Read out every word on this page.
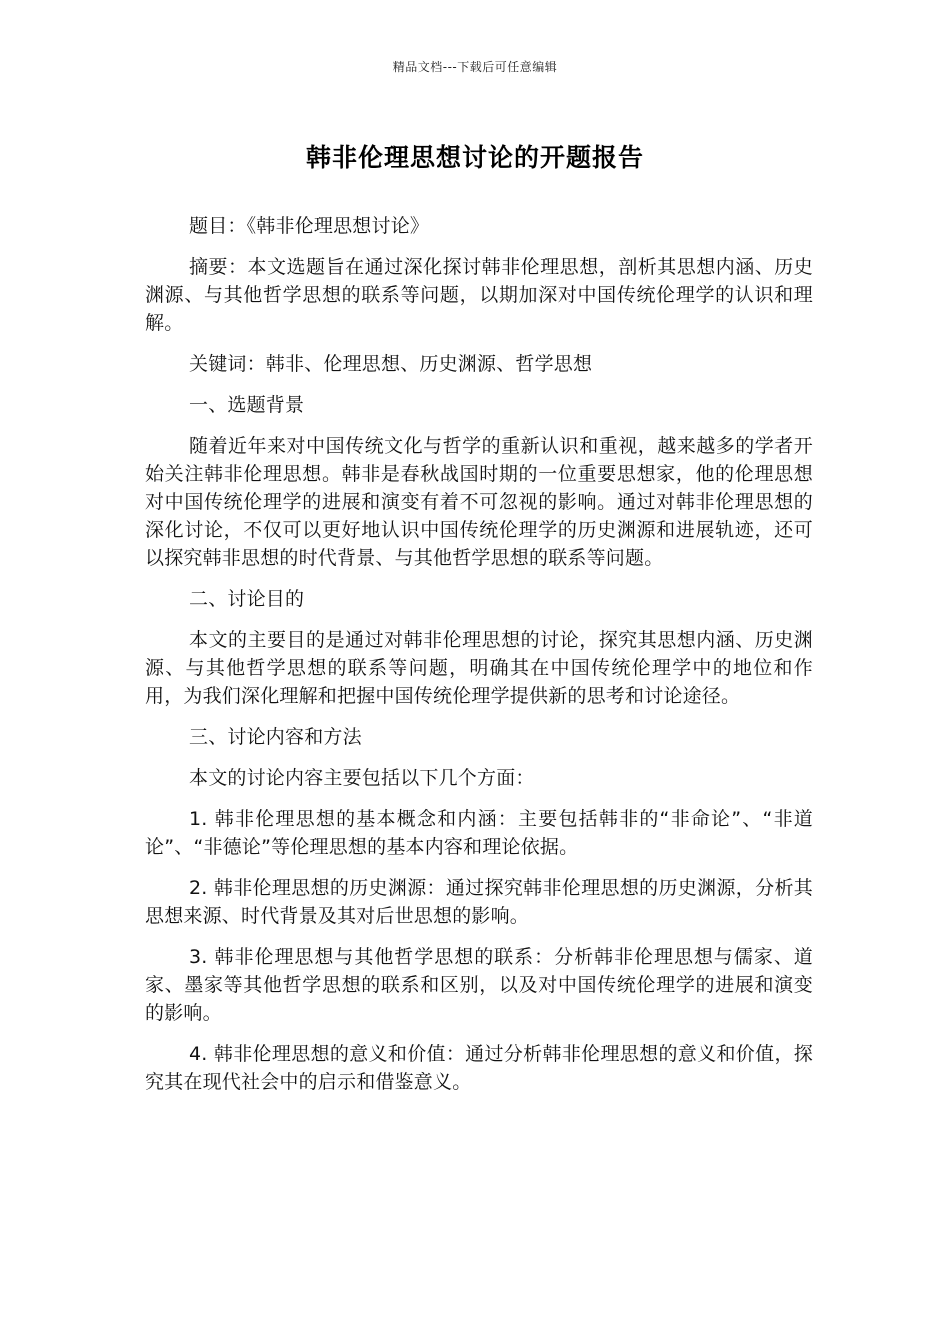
精品文档---下载后可任意编辑
韩非伦理思想讨论的开题报告

题目：《韩非伦理思想讨论》

摘要：本文选题旨在通过深化探讨韩非伦理思想，剖析其思想内涵、历史渊源、与其他哲学思想的联系等问题，以期加深对中国传统伦理学的认识和理解。

关键词：韩非、伦理思想、历史渊源、哲学思想

一、选题背景

随着近年来对中国传统文化与哲学的重新认识和重视，越来越多的学者开始关注韩非伦理思想。韩非是春秋战国时期的一位重要思想家，他的伦理思想对中国传统伦理学的进展和演变有着不可忽视的影响。通过对韩非伦理思想的深化讨论，不仅可以更好地认识中国传统伦理学的历史渊源和进展轨迹，还可以探究韩非思想的时代背景、与其他哲学思想的联系等问题。

二、讨论目的

本文的主要目的是通过对韩非伦理思想的讨论，探究其思想内涵、历史渊源、与其他哲学思想的联系等问题，明确其在中国传统伦理学中的地位和作用，为我们深化理解和把握中国传统伦理学提供新的思考和讨论途径。

三、讨论内容和方法

本文的讨论内容主要包括以下几个方面：

1. 韩非伦理思想的基本概念和内涵：主要包括韩非的“非命论”、“非道论”、“非德论”等伦理思想的基本内容和理论依据。

2. 韩非伦理思想的历史渊源：通过探究韩非伦理思想的历史渊源，分析其思想来源、时代背景及其对后世思想的影响。

3. 韩非伦理思想与其他哲学思想的联系：分析韩非伦理思想与儒家、道家、墨家等其他哲学思想的联系和区别，以及对中国传统伦理学的进展和演变的影响。

4. 韩非伦理思想的意义和价值：通过分析韩非伦理思想的意义和价值，探究其在现代社会中的启示和借鉴意义。
